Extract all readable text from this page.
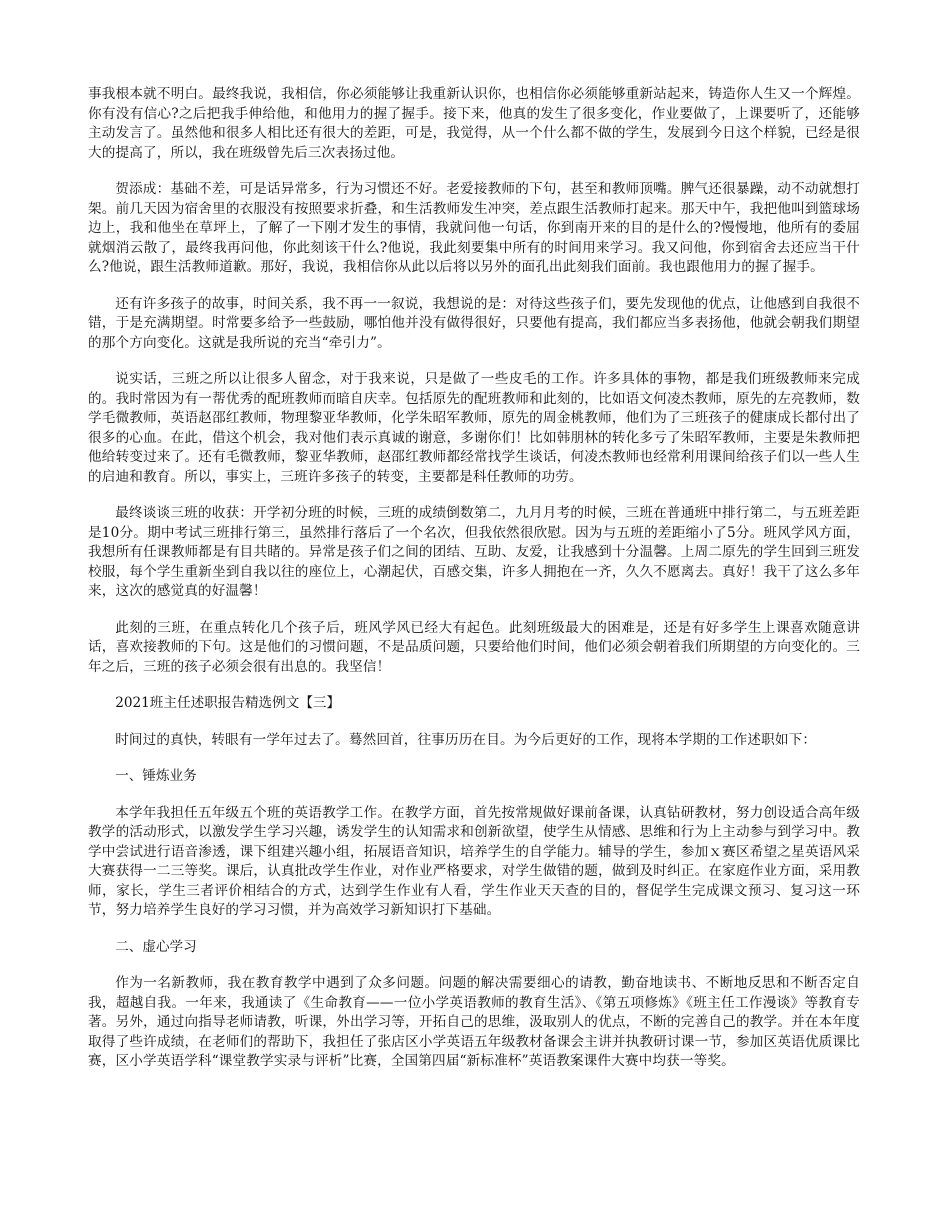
事我根本就不明白。最终我说，我相信，你必须能够让我重新认识你，也相信你必须能够重新站起来，铸造你人生又一个辉煌。你有没有信心?之后把我手伸给他，和他用力的握了握手。接下来，他真的发生了很多变化，作业要做了，上课要听了，还能够主动发言了。虽然他和很多人相比还有很大的差距，可是，我觉得，从一个什么都不做的学生，发展到今日这个样貌，已经是很大的提高了，所以，我在班级曾先后三次表扬过他。

贺添成：基础不差，可是话异常多，行为习惯还不好。老爱接教师的下句，甚至和教师顶嘴。脾气还很暴躁，动不动就想打架。前几天因为宿舍里的衣服没有按照要求折叠，和生活教师发生冲突，差点跟生活教师打起来。那天中午，我把他叫到篮球场边上，我和他坐在草坪上，了解了一下刚才发生的事情，我就问他一句话，你到南开来的目的是什么的?慢慢地，他所有的委屈就烟消云散了，最终我再问他，你此刻该干什么?他说，我此刻要集中所有的时间用来学习。我又问他，你到宿舍去还应当干什么?他说，跟生活教师道歉。那好，我说，我相信你从此以后将以另外的面孔出此刻我们面前。我也跟他用力的握了握手。

还有许多孩子的故事，时间关系，我不再一一叙说，我想说的是：对待这些孩子们，要先发现他的优点，让他感到自我很不错，于是充满期望。时常要多给予一些鼓励，哪怕他并没有做得很好，只要他有提高，我们都应当多表扬他，他就会朝我们期望的那个方向变化。这就是我所说的充当“牵引力”。

说实话，三班之所以让很多人留念，对于我来说，只是做了一些皮毛的工作。许多具体的事物，都是我们班级教师来完成的。我时常因为有一帮优秀的配班教师而暗自庆幸。包括原先的配班教师和此刻的，比如语文何凌杰教师，原先的左亮教师，数学毛微教师，英语赵邵红教师，物理黎亚华教师，化学朱昭军教师，原先的周金桃教师，他们为了三班孩子的健康成长都付出了很多的心血。在此，借这个机会，我对他们表示真诚的谢意，多谢你们！比如韩朋林的转化多亏了朱昭军教师，主要是朱教师把他给转变过来了。还有毛微教师，黎亚华教师，赵邵红教师都经常找学生谈话，何凌杰教师也经常利用课间给孩子们以一些人生的启迪和教育。所以，事实上，三班许多孩子的转变，主要都是科任教师的功劳。

最终谈谈三班的收获：开学初分班的时候，三班的成绩倒数第二，九月月考的时候，三班在普通班中排行第二，与五班差距是10分。期中考试三班排行第三，虽然排行落后了一个名次，但我依然很欣慰。因为与五班的差距缩小了5分。班风学风方面，我想所有任课教师都是有目共睹的。异常是孩子们之间的团结、互助、友爱，让我感到十分温馨。上周二原先的学生回到三班发校服，每个学生重新坐到自我以往的座位上，心潮起伏，百感交集，许多人拥抱在一齐，久久不愿离去。真好！我干了这么多年来，这次的感觉真的好温馨！

此刻的三班，在重点转化几个孩子后，班风学风已经大有起色。此刻班级最大的困难是，还是有好多学生上课喜欢随意讲话，喜欢接教师的下句。这是他们的习惯问题，不是品质问题，只要给他们时间，他们必须会朝着我们所期望的方向变化的。三年之后，三班的孩子必须会很有出息的。我坚信！

2021班主任述职报告精选例文【三】

时间过的真快，转眼有一学年过去了。蓦然回首，往事历历在目。为今后更好的工作，现将本学期的工作述职如下：

一、锤炼业务

本学年我担任五年级五个班的英语教学工作。在教学方面，首先按常规做好课前备课，认真钻研教材，努力创设适合高年级教学的活动形式，以激发学生学习兴趣，诱发学生的认知需求和创新欲望，使学生从情感、思维和行为上主动参与到学习中。教学中尝试进行语音渗透，课下组建兴趣小组，拓展语音知识，培养学生的自学能力。辅导的学生，参加ｘ赛区希望之星英语风采大赛获得一二三等奖。课后，认真批改学生作业，对作业严格要求，对学生做错的题，做到及时纠正。在家庭作业方面，采用教师，家长，学生三者评价相结合的方式，达到学生作业有人看，学生作业天天查的目的，督促学生完成课文预习、复习这一环节，努力培养学生良好的学习习惯，并为高效学习新知识打下基础。

二、虚心学习

作为一名新教师，我在教育教学中遇到了众多问题。问题的解决需要细心的请教，勤奋地读书、不断地反思和不断否定自我，超越自我。一年来，我通读了《生命教育——一位小学英语教师的教育生活》、《第五项修炼》《班主任工作漫谈》等教育专著。另外，通过向指导老师请教，听课，外出学习等，开拓自己的思维，汲取别人的优点，不断的完善自己的教学。并在本年度取得了些许成绩，在老师们的帮助下，我担任了张店区小学英语五年级教材备课会主讲并执教研讨课一节，参加区英语优质课比赛，区小学英语学科“课堂教学实录与评析”比赛，全国第四届“新标准杯”英语教案课件大赛中均获一等奖。
